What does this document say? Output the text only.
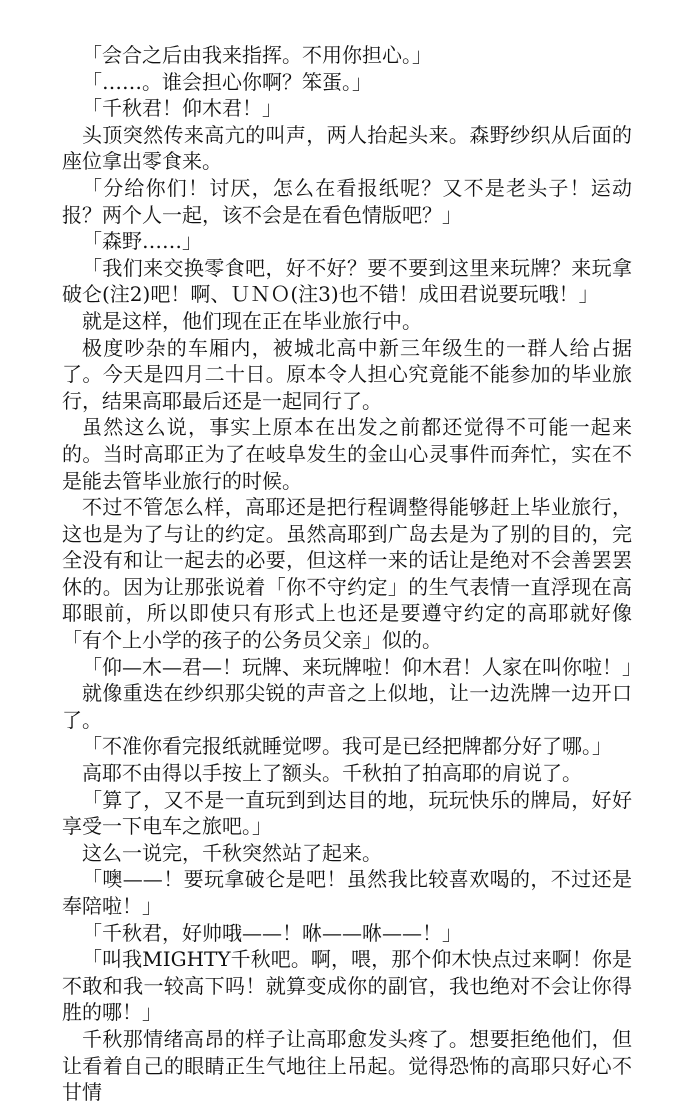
「会合之后由我来指挥。不用你担心。」

「……。谁会担心你啊？笨蛋。」

「千秋君！仰木君！」

头顶突然传来高亢的叫声，两人抬起头来。森野纱织从后面的座位拿出零食来。

「分给你们！讨厌，怎么在看报纸呢？又不是老头子！运动报？两个人一起，该不会是在看色情版吧？」

「森野……」

「我们来交换零食吧，好不好？要不要到这里来玩牌？来玩拿破仑(注2)吧！啊、ＵＮＯ(注3)也不错！成田君说要玩哦！」

就是这样，他们现在正在毕业旅行中。

极度吵杂的车厢内，被城北高中新三年级生的一群人给占据了。今天是四月二十日。原本令人担心究竟能不能参加的毕业旅行，结果高耶最后还是一起同行了。

虽然这么说，事实上原本在出发之前都还觉得不可能一起来的。当时高耶正为了在岐阜发生的金山心灵事件而奔忙，实在不是能去管毕业旅行的时候。

不过不管怎么样，高耶还是把行程调整得能够赶上毕业旅行，这也是为了与让的约定。虽然高耶到广岛去是为了别的目的，完全没有和让一起去的必要，但这样一来的话让是绝对不会善罢罢休的。因为让那张说着「你不守约定」的生气表情一直浮现在高耶眼前，所以即使只有形式上也还是要遵守约定的高耶就好像「有个上小学的孩子的公务员父亲」似的。

「仰—木—君—！玩牌、来玩牌啦！仰木君！人家在叫你啦！」

就像重迭在纱织那尖锐的声音之上似地，让一边洗牌一边开口了。

「不准你看完报纸就睡觉啰。我可是已经把牌都分好了哪。」

高耶不由得以手按上了额头。千秋拍了拍高耶的肩说了。

「算了，又不是一直玩到到达目的地，玩玩快乐的牌局，好好享受一下电车之旅吧。」

这么一说完，千秋突然站了起来。

「噢——！要玩拿破仑是吧！虽然我比较喜欢喝的，不过还是奉陪啦！」

「千秋君，好帅哦——！咻——咻——！」

「叫我MIGHTY千秋吧。啊，喂，那个仰木快点过来啊！你是不敢和我一较高下吗！就算变成你的副官，我也绝对不会让你得胜的哪！」

千秋那情绪高昂的样子让高耶愈发头疼了。想要拒绝他们，但让看着自己的眼睛正生气地往上吊起。觉得恐怖的高耶只好心不甘情
